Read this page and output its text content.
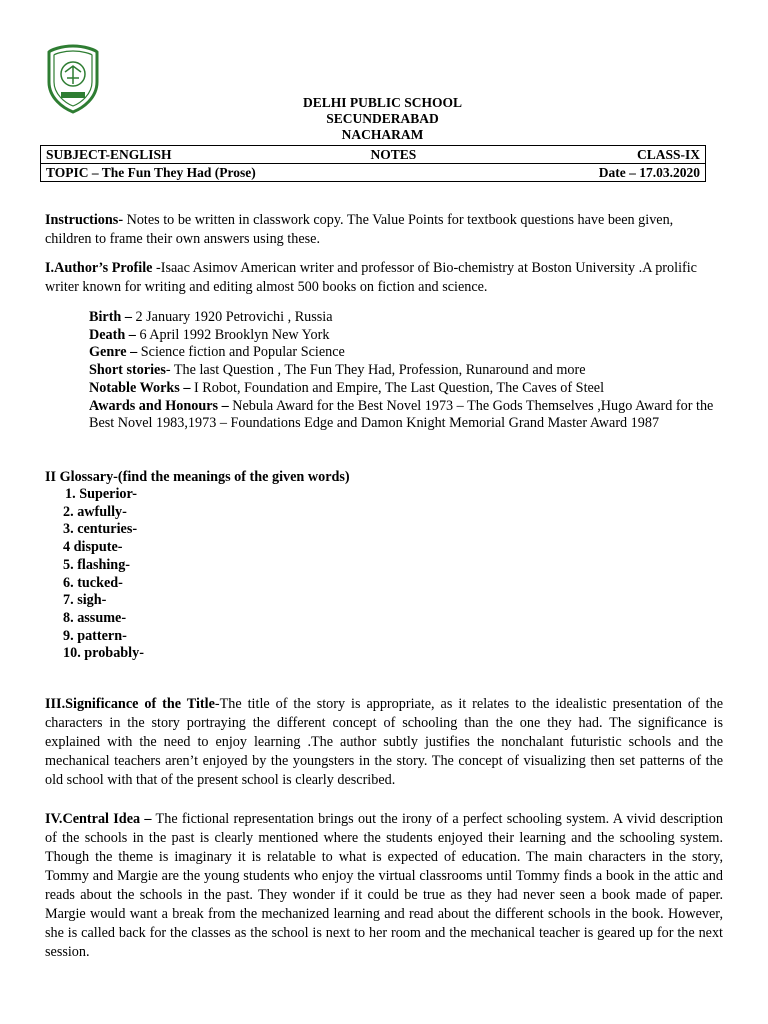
DELHI PUBLIC SCHOOL
SECUNDERABAD
NACHARAM
SUBJECT-ENGLISH	NOTES	CLASS-IX

TOPIC – The Fun They Had (Prose)	Date – 17.03.2020
Instructions- Notes to be written in classwork copy. The Value Points for textbook questions have been given, children to frame their own answers using these.
I.Author’s Profile -Isaac Asimov American writer and professor of Bio-chemistry at Boston University .A prolific writer known for writing and editing almost 500 books on fiction and science.
Birth – 2 January 1920 Petrovichi , Russia
Death – 6 April 1992 Brooklyn New York
Genre – Science fiction and Popular Science
Short stories- The last Question , The Fun They Had, Profession, Runaround and more
Notable Works – I Robot, Foundation and Empire, The Last Question, The Caves of Steel
Awards and Honours – Nebula Award for the Best Novel 1973 – The Gods Themselves ,Hugo Award for the Best Novel 1983,1973 – Foundations Edge and Damon Knight Memorial Grand Master Award 1987
II Glossary-(find the meanings of the given words)
1. Superior-
2. awfully-
3. centuries-
4 dispute-
5. flashing-
6. tucked-
7. sigh-
8. assume-
9. pattern-
10. probably-
III.Significance of the Title-The title of the story is appropriate, as it relates to the idealistic presentation of the characters in the story portraying the different concept of schooling than the one they had. The significance is explained with the need to enjoy learning .The author subtly justifies the nonchalant futuristic schools and the mechanical teachers aren’t enjoyed by the youngsters in the story. The concept of visualizing then set patterns of the old school with that of the present school is clearly described.
IV.Central Idea – The fictional representation brings out the irony of a perfect schooling system. A vivid description of the schools in the past is clearly mentioned where the students enjoyed their learning and the schooling system. Though the theme is imaginary it is relatable to what is expected of education. The main characters in the story, Tommy and Margie are the young students who enjoy the virtual classrooms until Tommy finds a book in the attic and reads about the schools in the past. They wonder if it could be true as they had never seen a book made of paper. Margie would want a break from the mechanized learning and read about the different schools in the book. However, she is called back for the classes as the school is next to her room and the mechanical teacher is geared up for the next session.
